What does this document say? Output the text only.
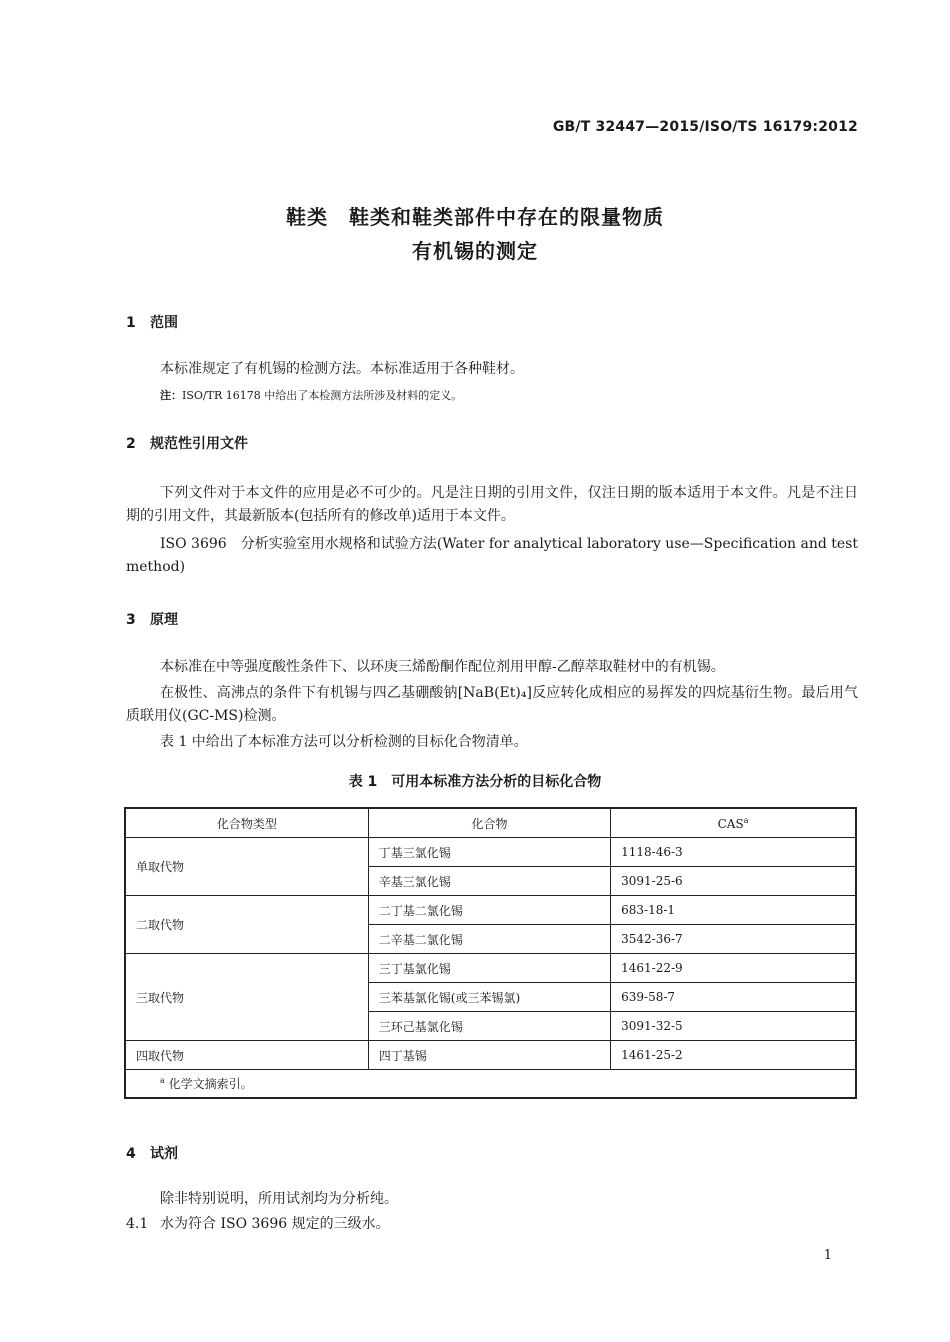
GB/T 32447—2015/ISO/TS 16179:2012
鞋类　鞋类和鞋类部件中存在的限量物质
有机锡的测定
1 范围
本标准规定了有机锡的检测方法。本标准适用于各种鞋材。
注：ISO/TR 16178 中给出了本检测方法所涉及材料的定义。
2 规范性引用文件
下列文件对于本文件的应用是必不可少的。凡是注日期的引用文件，仅注日期的版本适用于本文件。凡是不注日期的引用文件，其最新版本(包括所有的修改单)适用于本文件。
ISO 3696　分析实验室用水规格和试验方法(Water for analytical laboratory use—Specification and test method)
3 原理
本标准在中等强度酸性条件下、以环庚三烯酚酮作配位剂用甲醇-乙醇萃取鞋材中的有机锡。
在极性、高沸点的条件下有机锡与四乙基硼酸钠[NaB(Et)₄]反应转化成相应的易挥发的四烷基衍生物。最后用气质联用仪(GC-MS)检测。
表 1 中给出了本标准方法可以分析检测的目标化合物清单。
表 1　可用本标准方法分析的目标化合物
化合物类型	化合物	CAS$^a$
单取代物	丁基三氯化锡	1118-46-3
	辛基三氯化锡	3091-25-6
二取代物	二丁基二氯化锡	683-18-1
	二辛基二氯化锡	3542-36-7
三取代物	三丁基氯化锡	1461-22-9
	三苯基氯化锡(或三苯锡氯)	639-58-7
	三环己基氯化锡	3091-32-5
四取代物	四丁基锡	1461-25-2
$^a$ 化学文摘索引。		
4 试剂
除非特别说明，所用试剂均为分析纯。
4.1 水为符合 ISO 3696 规定的三级水。
1
